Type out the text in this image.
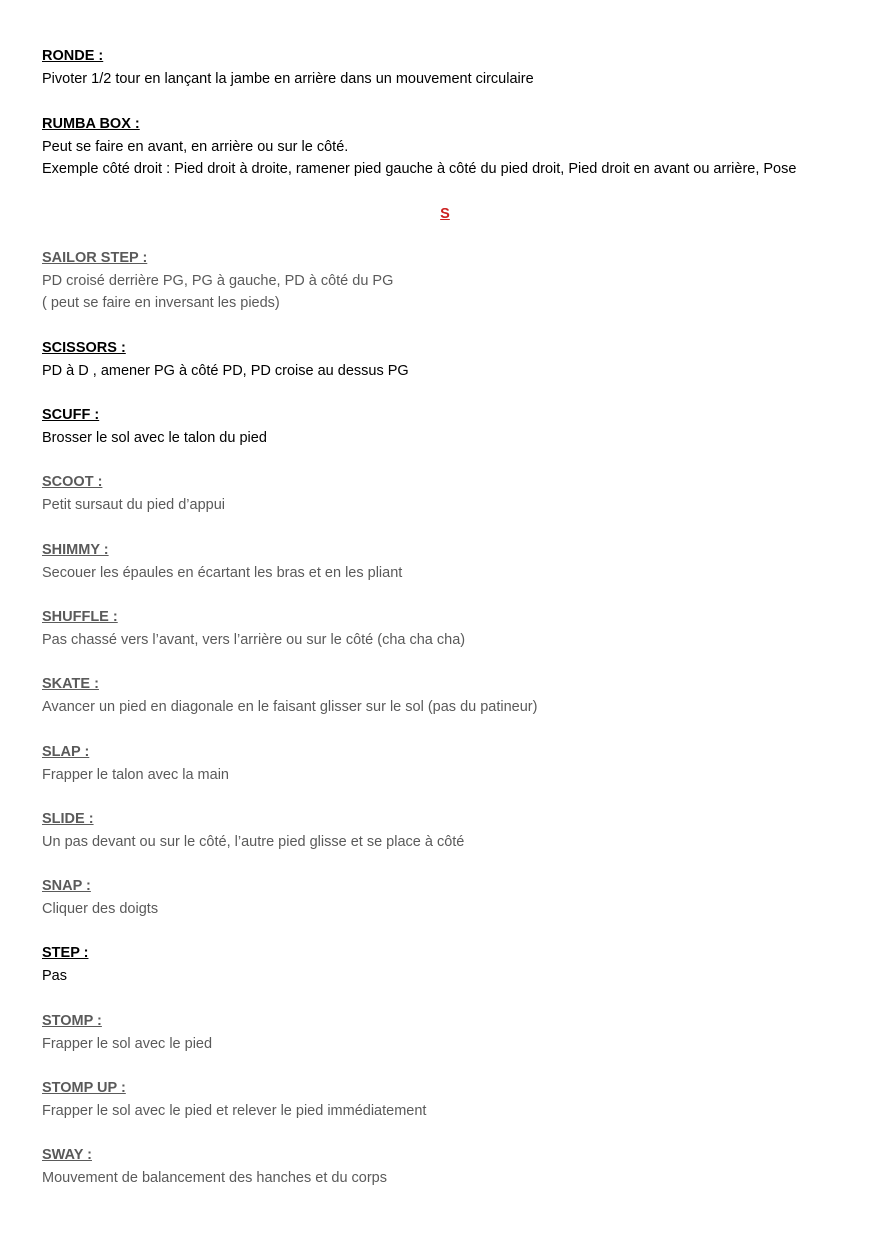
RONDE :
Pivoter 1/2 tour en lançant la jambe en arrière dans un mouvement circulaire
RUMBA BOX :
Peut se faire en avant, en arrière ou sur le côté.
Exemple côté droit : Pied droit à droite, ramener pied gauche à côté du pied droit, Pied droit en avant ou arrière, Pose
S
SAILOR STEP :
PD croisé derrière PG, PG à gauche, PD à côté du PG
( peut se faire en inversant les pieds)
SCISSORS :
PD à D , amener PG à côté PD, PD croise au dessus PG
SCUFF :
Brosser le sol avec le talon du pied
SCOOT :
Petit sursaut du pied d’appui
SHIMMY :
Secouer les épaules en écartant les bras et en les pliant
SHUFFLE :
Pas chassé vers l’avant, vers l’arrière ou sur le côté (cha cha cha)
SKATE :
Avancer un pied en diagonale en le faisant glisser sur le sol (pas du patineur)
SLAP :
Frapper le talon avec la main
SLIDE :
Un pas devant ou sur le côté, l’autre pied glisse et se place à côté
SNAP :
Cliquer des doigts
STEP :
Pas
STOMP :
Frapper le sol avec le pied
STOMP UP :
Frapper le sol avec le pied et relever le pied immédiatement
SWAY :
Mouvement de balancement des hanches et du corps
